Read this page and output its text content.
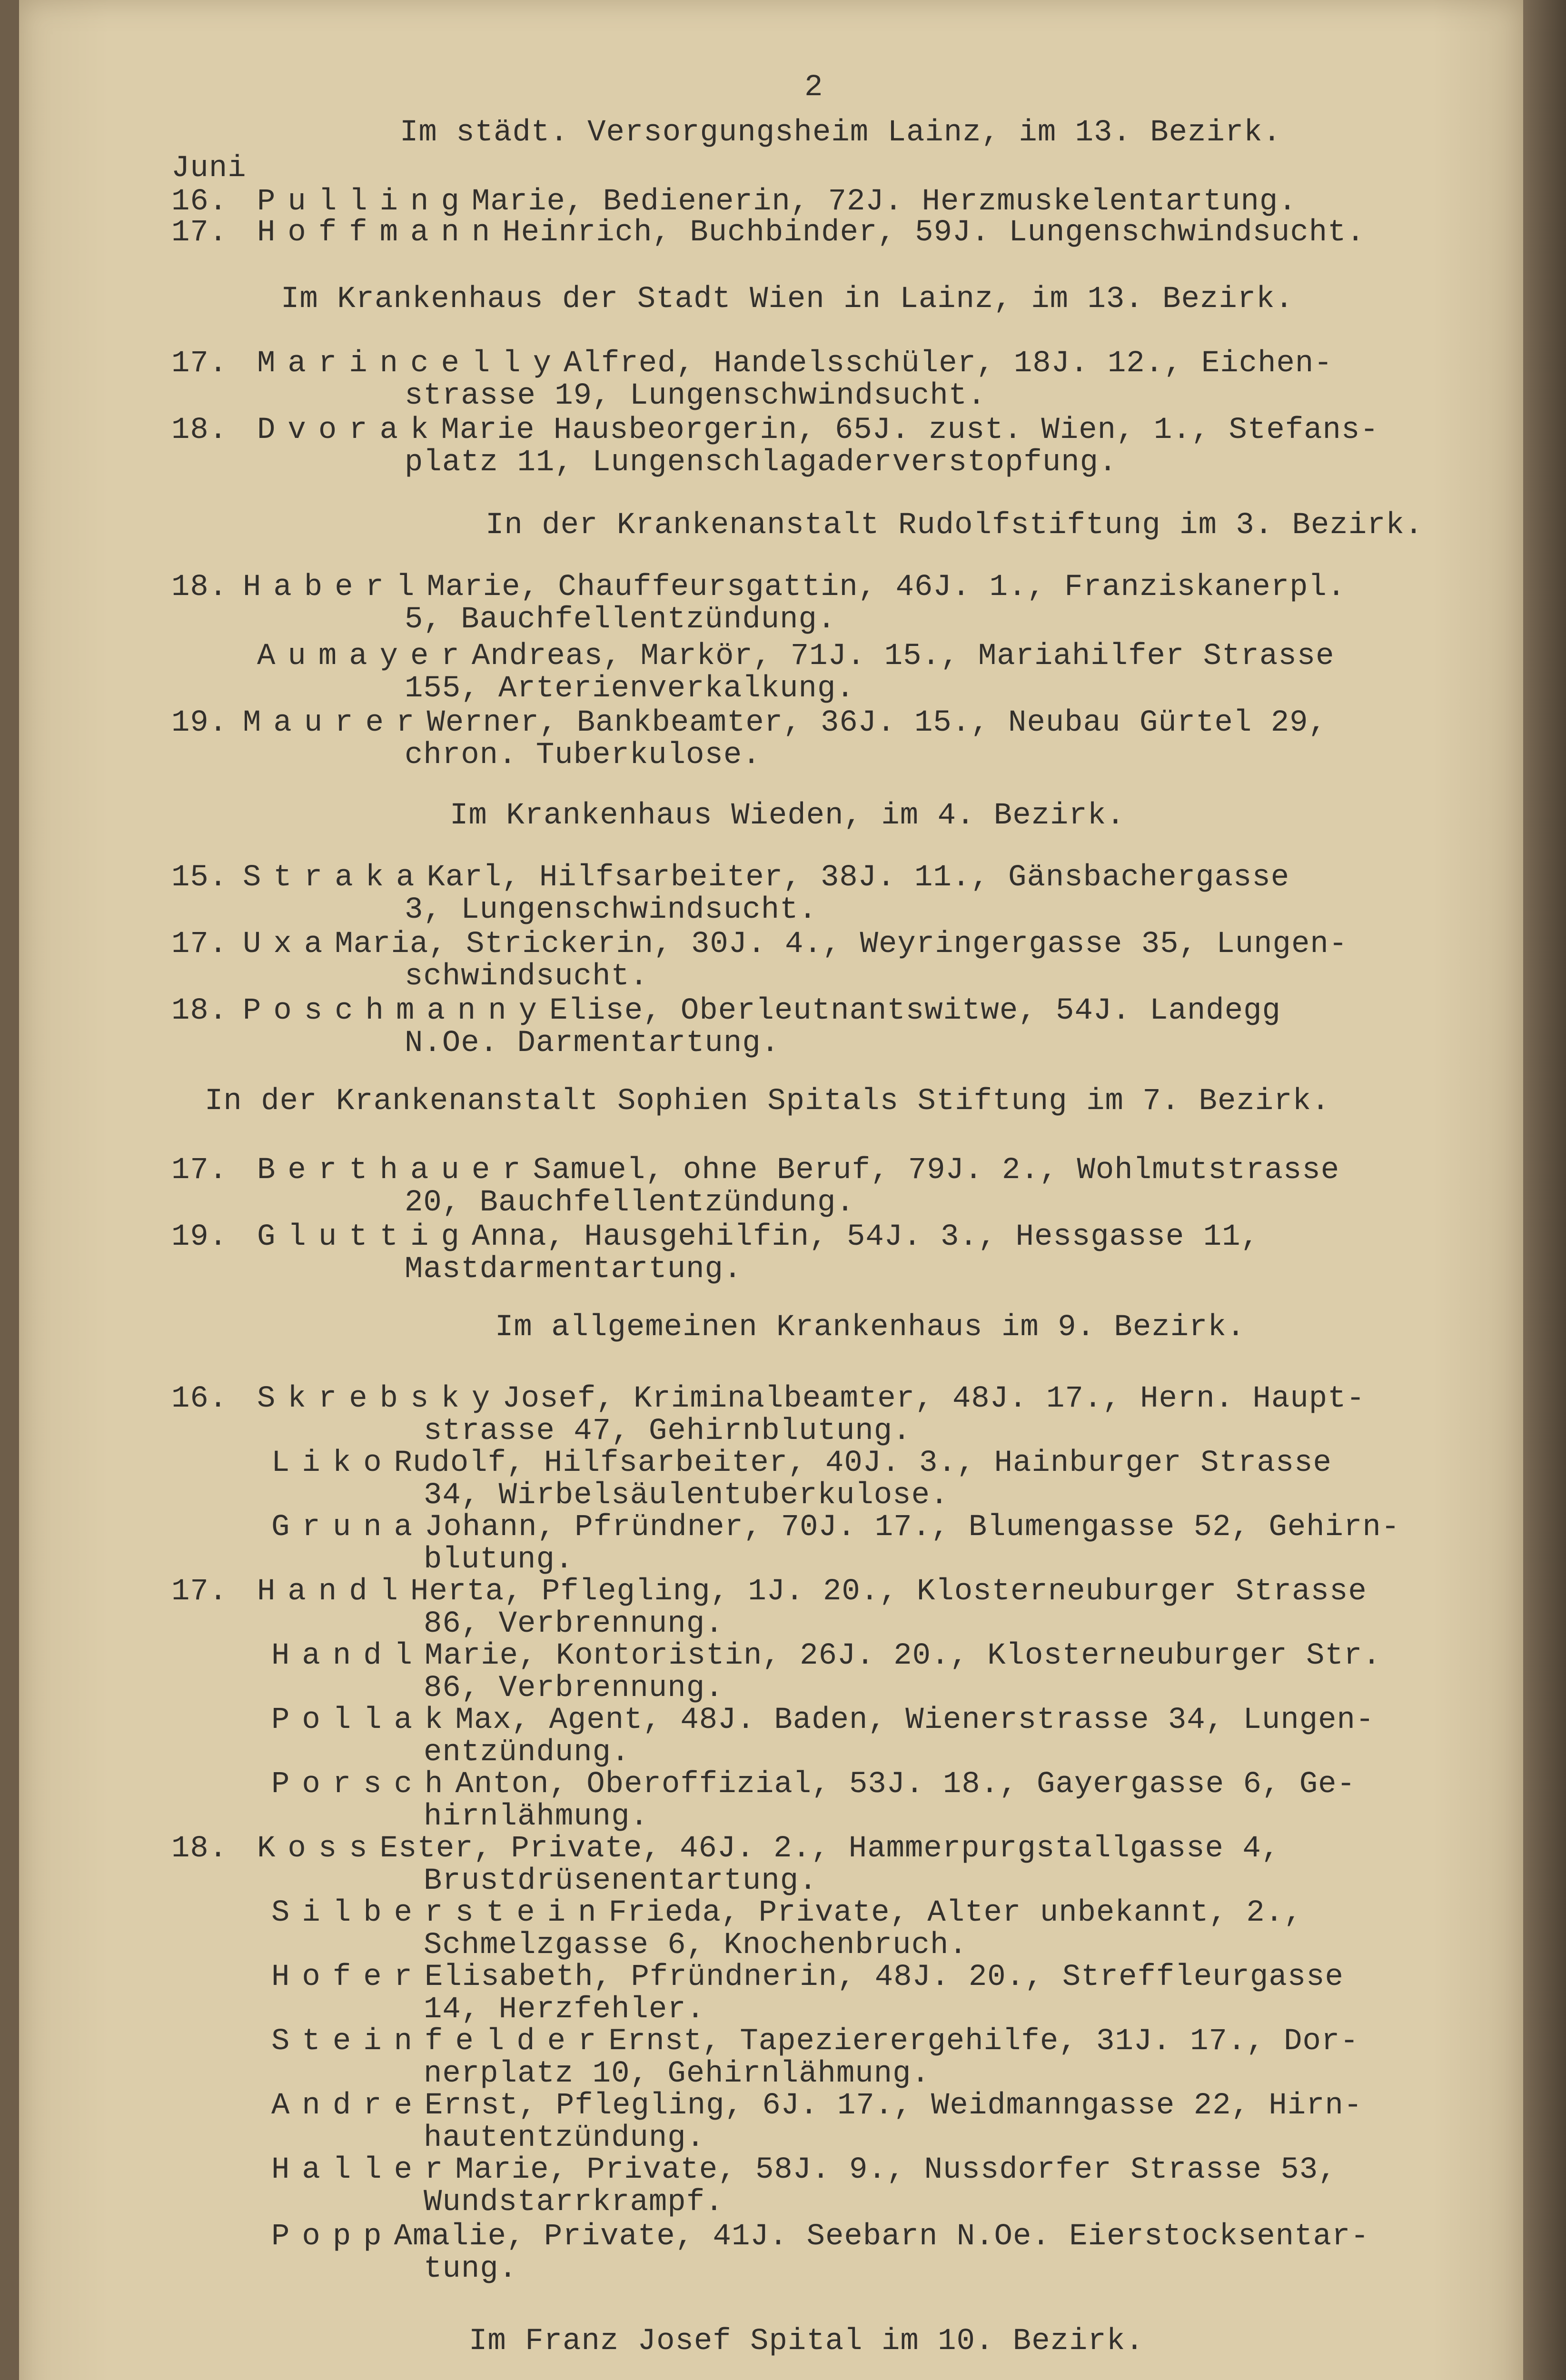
2
Im städt. Versorgungsheim Lainz, im 13. Bezirk.
Juni
16. PullingMarie, Bedienerin, 72J. Herzmuskelentartung.
17. HoffmannHeinrich, Buchbinder, 59J. Lungenschwindsucht.
Im Krankenhaus der Stadt Wien in Lainz, im 13. Bezirk.
17. MarincellyAlfred, Handelsschüler, 18J. 12., Eichen-
strasse 19, Lungenschwindsucht.
18. DvorakMarie Hausbeorgerin, 65J. zust. Wien, 1., Stefans-
platz 11, Lungenschlagaderverstopfung.
In der Krankenanstalt Rudolfstiftung im 3. Bezirk.
18. HaberlMarie, Chauffeursgattin, 46J. 1., Franziskanerpl.
5, Bauchfellentzündung.
AumayerAndreas, Markör, 71J. 15., Mariahilfer Strasse
155, Arterienverkalkung.
19. MaurerWerner, Bankbeamter, 36J. 15., Neubau Gürtel 29,
chron. Tuberkulose.
Im Krankenhaus Wieden, im 4. Bezirk.
15. StrakaKarl, Hilfsarbeiter, 38J. 11., Gänsbachergasse
3, Lungenschwindsucht.
17. UxaMaria, Strickerin, 30J. 4., Weyringergasse 35, Lungen-
schwindsucht.
18. PoschmannyElise, Oberleutnantswitwe, 54J. Landegg
N.Oe. Darmentartung.
In der Krankenanstalt Sophien Spitals Stiftung im 7. Bezirk.
17. BerthauerSamuel, ohne Beruf, 79J. 2., Wohlmutstrasse
20, Bauchfellentzündung.
19. GluttigAnna, Hausgehilfin, 54J. 3., Hessgasse 11,
Mastdarmentartung.
Im allgemeinen Krankenhaus im 9. Bezirk.
16. SkrebskyJosef, Kriminalbeamter, 48J. 17., Hern. Haupt-
strasse 47, Gehirnblutung.
LikoRudolf, Hilfsarbeiter, 40J. 3., Hainburger Strasse
34, Wirbelsäulentuberkulose.
GrunaJohann, Pfründner, 70J. 17., Blumengasse 52, Gehirn-
blutung.
17. HandlHerta, Pflegling, 1J. 20., Klosterneuburger Strasse
86, Verbrennung.
HandlMarie, Kontoristin, 26J. 20., Klosterneuburger Str.
86, Verbrennung.
PollakMax, Agent, 48J. Baden, Wienerstrasse 34, Lungen-
entzündung.
PorschAnton, Oberoffizial, 53J. 18., Gayergasse 6, Ge-
hirnlähmung.
18. KossEster, Private, 46J. 2., Hammerpurgstallgasse 4,
Brustdrüsenentartung.
SilbersteinFrieda, Private, Alter unbekannt, 2.,
Schmelzgasse 6, Knochenbruch.
HoferElisabeth, Pfründnerin, 48J. 20., Streffleurgasse
14, Herzfehler.
SteinfelderErnst, Tapezierergehilfe, 31J. 17., Dor-
nerplatz 10, Gehirnlähmung.
AndreErnst, Pflegling, 6J. 17., Weidmanngasse 22, Hirn-
hautentzündung.
HallerMarie, Private, 58J. 9., Nussdorfer Strasse 53,
Wundstarrkrampf.
PoppAmalie, Private, 41J. Seebarn N.Oe. Eierstocksentar-
tung.
Im Franz Josef Spital im 10. Bezirk.
